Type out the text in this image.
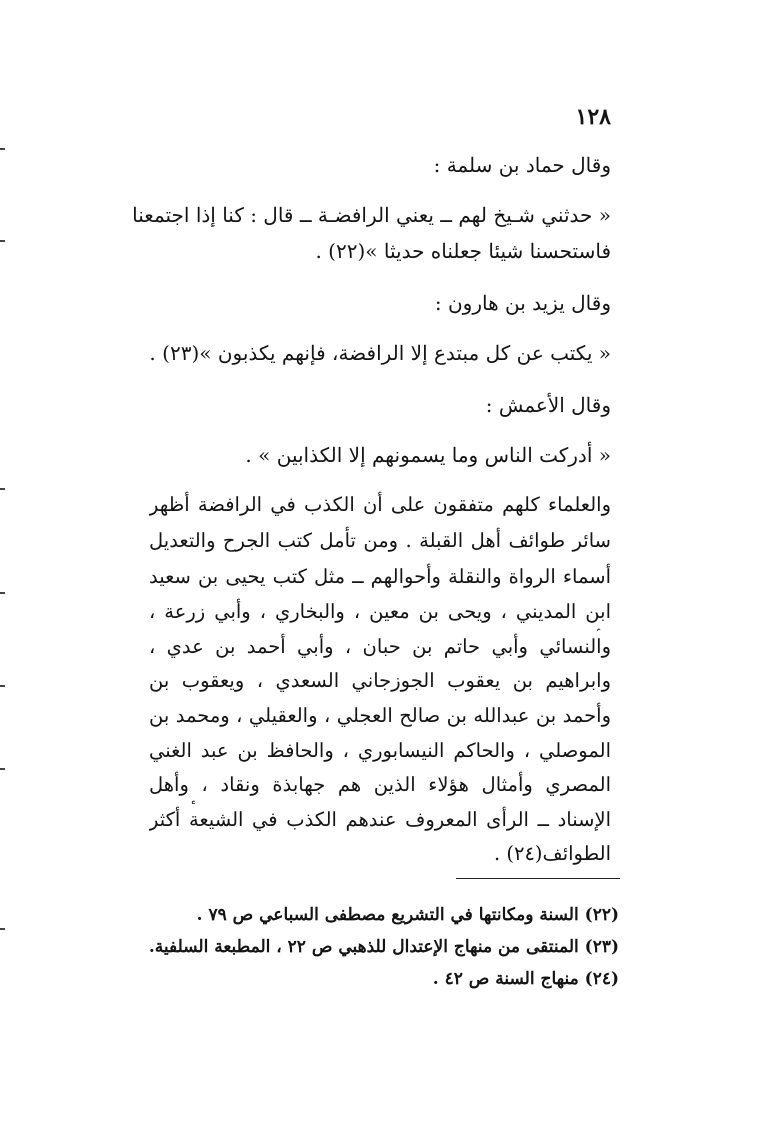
١٢٨
وقال حماد بن سلمة :
« حدثني شـيخ لهم ــ يعني الرافضـة ــ قال : كنا إذا اجتمعنا
فاستحسنا شيئا جعلناه حديثا »(٢٢) .
وقال يزيد بن هارون :
« يكتب عن كل مبتدع إلا الرافضة، فإنهم يكذبون »(٢٣) .
وقال الأعمش :
« أدركت الناس وما يسمونهم إلا الكذابين » .
والعلماء كلهم متفقون على أن الكذب في الرافضة أظهر
سائر طوائف أهل القبلة . ومن تأمل كتب الجرح والتعديل
أسماء الرواة والنقلة وأحوالهم ــ مثل كتب يحيى بن سعيد
ابن المديني ، ويحى بن معين ، والبخاري ، وأبي زرعة ،
والنسائي وأبي حاتم بن حبان ، وأبي أحمد بن عدي ،
وابراهيم بن يعقوب الجوزجاني السعدي ، ويعقوب بن
وأحمد بن عبدالله بن صالح العجلي ، والعقيلي ، ومحمد بن
الموصلي ، والحاكم النيسابوري ، والحافظ بن عبد الغني
المصري وأمثال هؤلاء الذين هم جهابذة ونقاد ، وأهل
الإسناد ــ الرأى المعروف عندهم الكذب في الشيعة أكثر
الطوائف(٢٤) .
(٢٢) السنة ومكانتها في التشريع مصطفى السباعي ص ٧٩ .
(٢٣) المنتقى من منهاج الإعتدال للذهبي ص ٢٢ ، المطبعة السلفية.
(٢٤) منهاج السنة ص ٤٢ .
